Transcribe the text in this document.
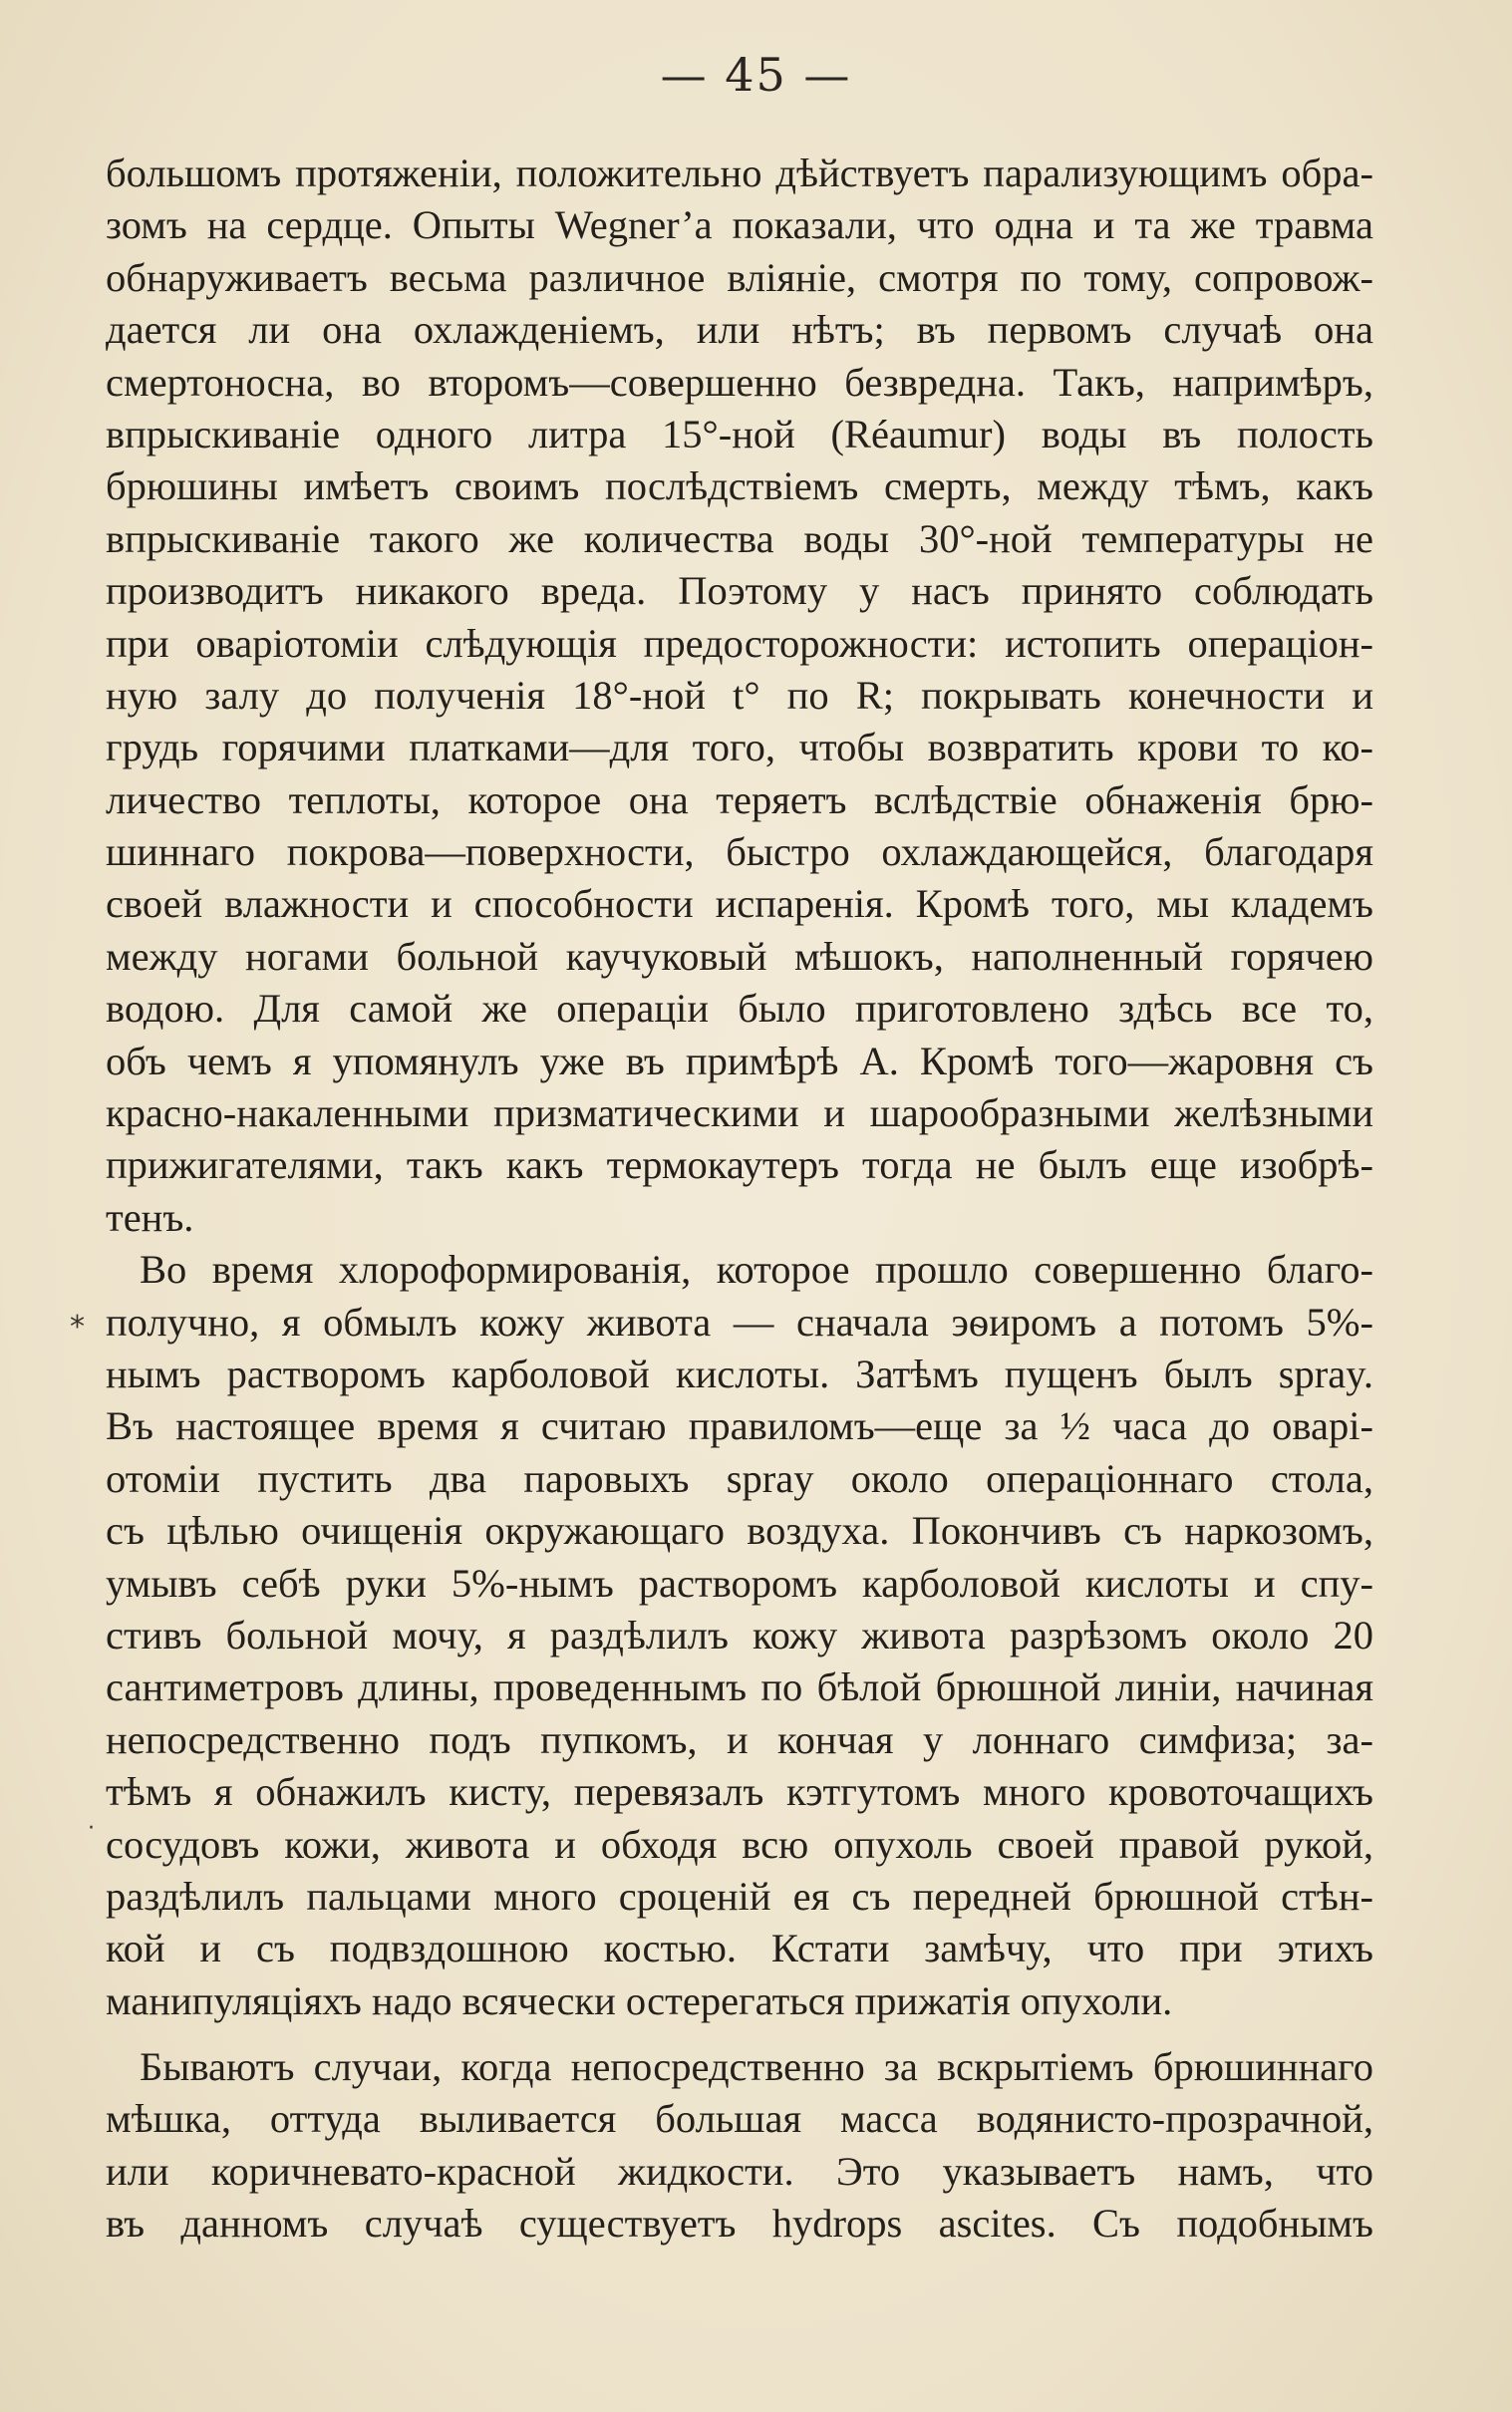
— 45 —
*
·
большомъ протяженіи, положительно дѣйствуетъ парализующимъ обра-
зомъ на сердце. Опыты Wegner’a показали, что одна и та же травма
обнаруживаетъ весьма различное вліяніе, смотря по тому, сопровож-
дается ли она охлажденіемъ, или нѣтъ; въ первомъ случаѣ она
смертоносна, во второмъ—совершенно безвредна. Такъ, напримѣръ,
впрыскиваніе одного литра 15°-ной (Réaumur) воды въ полость
брюшины имѣетъ своимъ послѣдствіемъ смерть, между тѣмъ, какъ
впрыскиваніе такого же количества воды 30°-ной температуры не
производитъ никакого вреда. Поэтому у насъ принято соблюдать
при оваріотоміи слѣдующія предосторожности: истопить операціон-
ную залу до полученія 18°-ной t° по R; покрывать конечности и
грудь горячими платками—для того, чтобы возвратить крови то ко-
личество теплоты, которое она теряетъ вслѣдствіе обнаженія брю-
шиннаго покрова—поверхности, быстро охлаждающейся, благодаря
своей влажности и способности испаренія. Кромѣ того, мы кладемъ
между ногами больной каучуковый мѣшокъ, наполненный горячею
водою. Для самой же операціи было приготовлено здѣсь все то,
объ чемъ я упомянулъ уже въ примѣрѣ А. Кромѣ того—жаровня съ
красно-накаленными призматическими и шарообразными желѣзными
прижигателями, такъ какъ термокаутеръ тогда не былъ еще изобрѣ-
тенъ.
Во время хлороформированія, которое прошло совершенно благо-
получно, я обмылъ кожу живота — сначала эѳиромъ а потомъ 5%-
нымъ растворомъ карболовой кислоты. Затѣмъ пущенъ былъ spray.
Въ настоящее время я считаю правиломъ—еще за ½ часа до оварі-
отоміи пустить два паровыхъ spray около операціоннаго стола,
съ цѣлью очищенія окружающаго воздуха. Покончивъ съ наркозомъ,
умывъ себѣ руки 5%-нымъ растворомъ карболовой кислоты и спу-
стивъ больной мочу, я раздѣлилъ кожу живота разрѣзомъ около 20
сантиметровъ длины, проведеннымъ по бѣлой брюшной линіи, начиная
непосредственно подъ пупкомъ, и кончая у лоннаго симфиза; за-
тѣмъ я обнажилъ кисту, перевязалъ кэтгутомъ много кровоточащихъ
сосудовъ кожи, живота и обходя всю опухоль своей правой рукой,
раздѣлилъ пальцами много сроценій ея съ передней брюшной стѣн-
кой и съ подвздошною костью. Кстати замѣчу, что при этихъ
манипуляціяхъ надо всячески остерегаться прижатія опухоли.
Бываютъ случаи, когда непосредственно за вскрытіемъ брюшиннаго
мѣшка, оттуда выливается большая масса водянисто-прозрачной,
или коричневато-красной жидкости. Это указываетъ намъ, что
въ данномъ случаѣ существуетъ hydrops ascites. Съ подобнымъ
